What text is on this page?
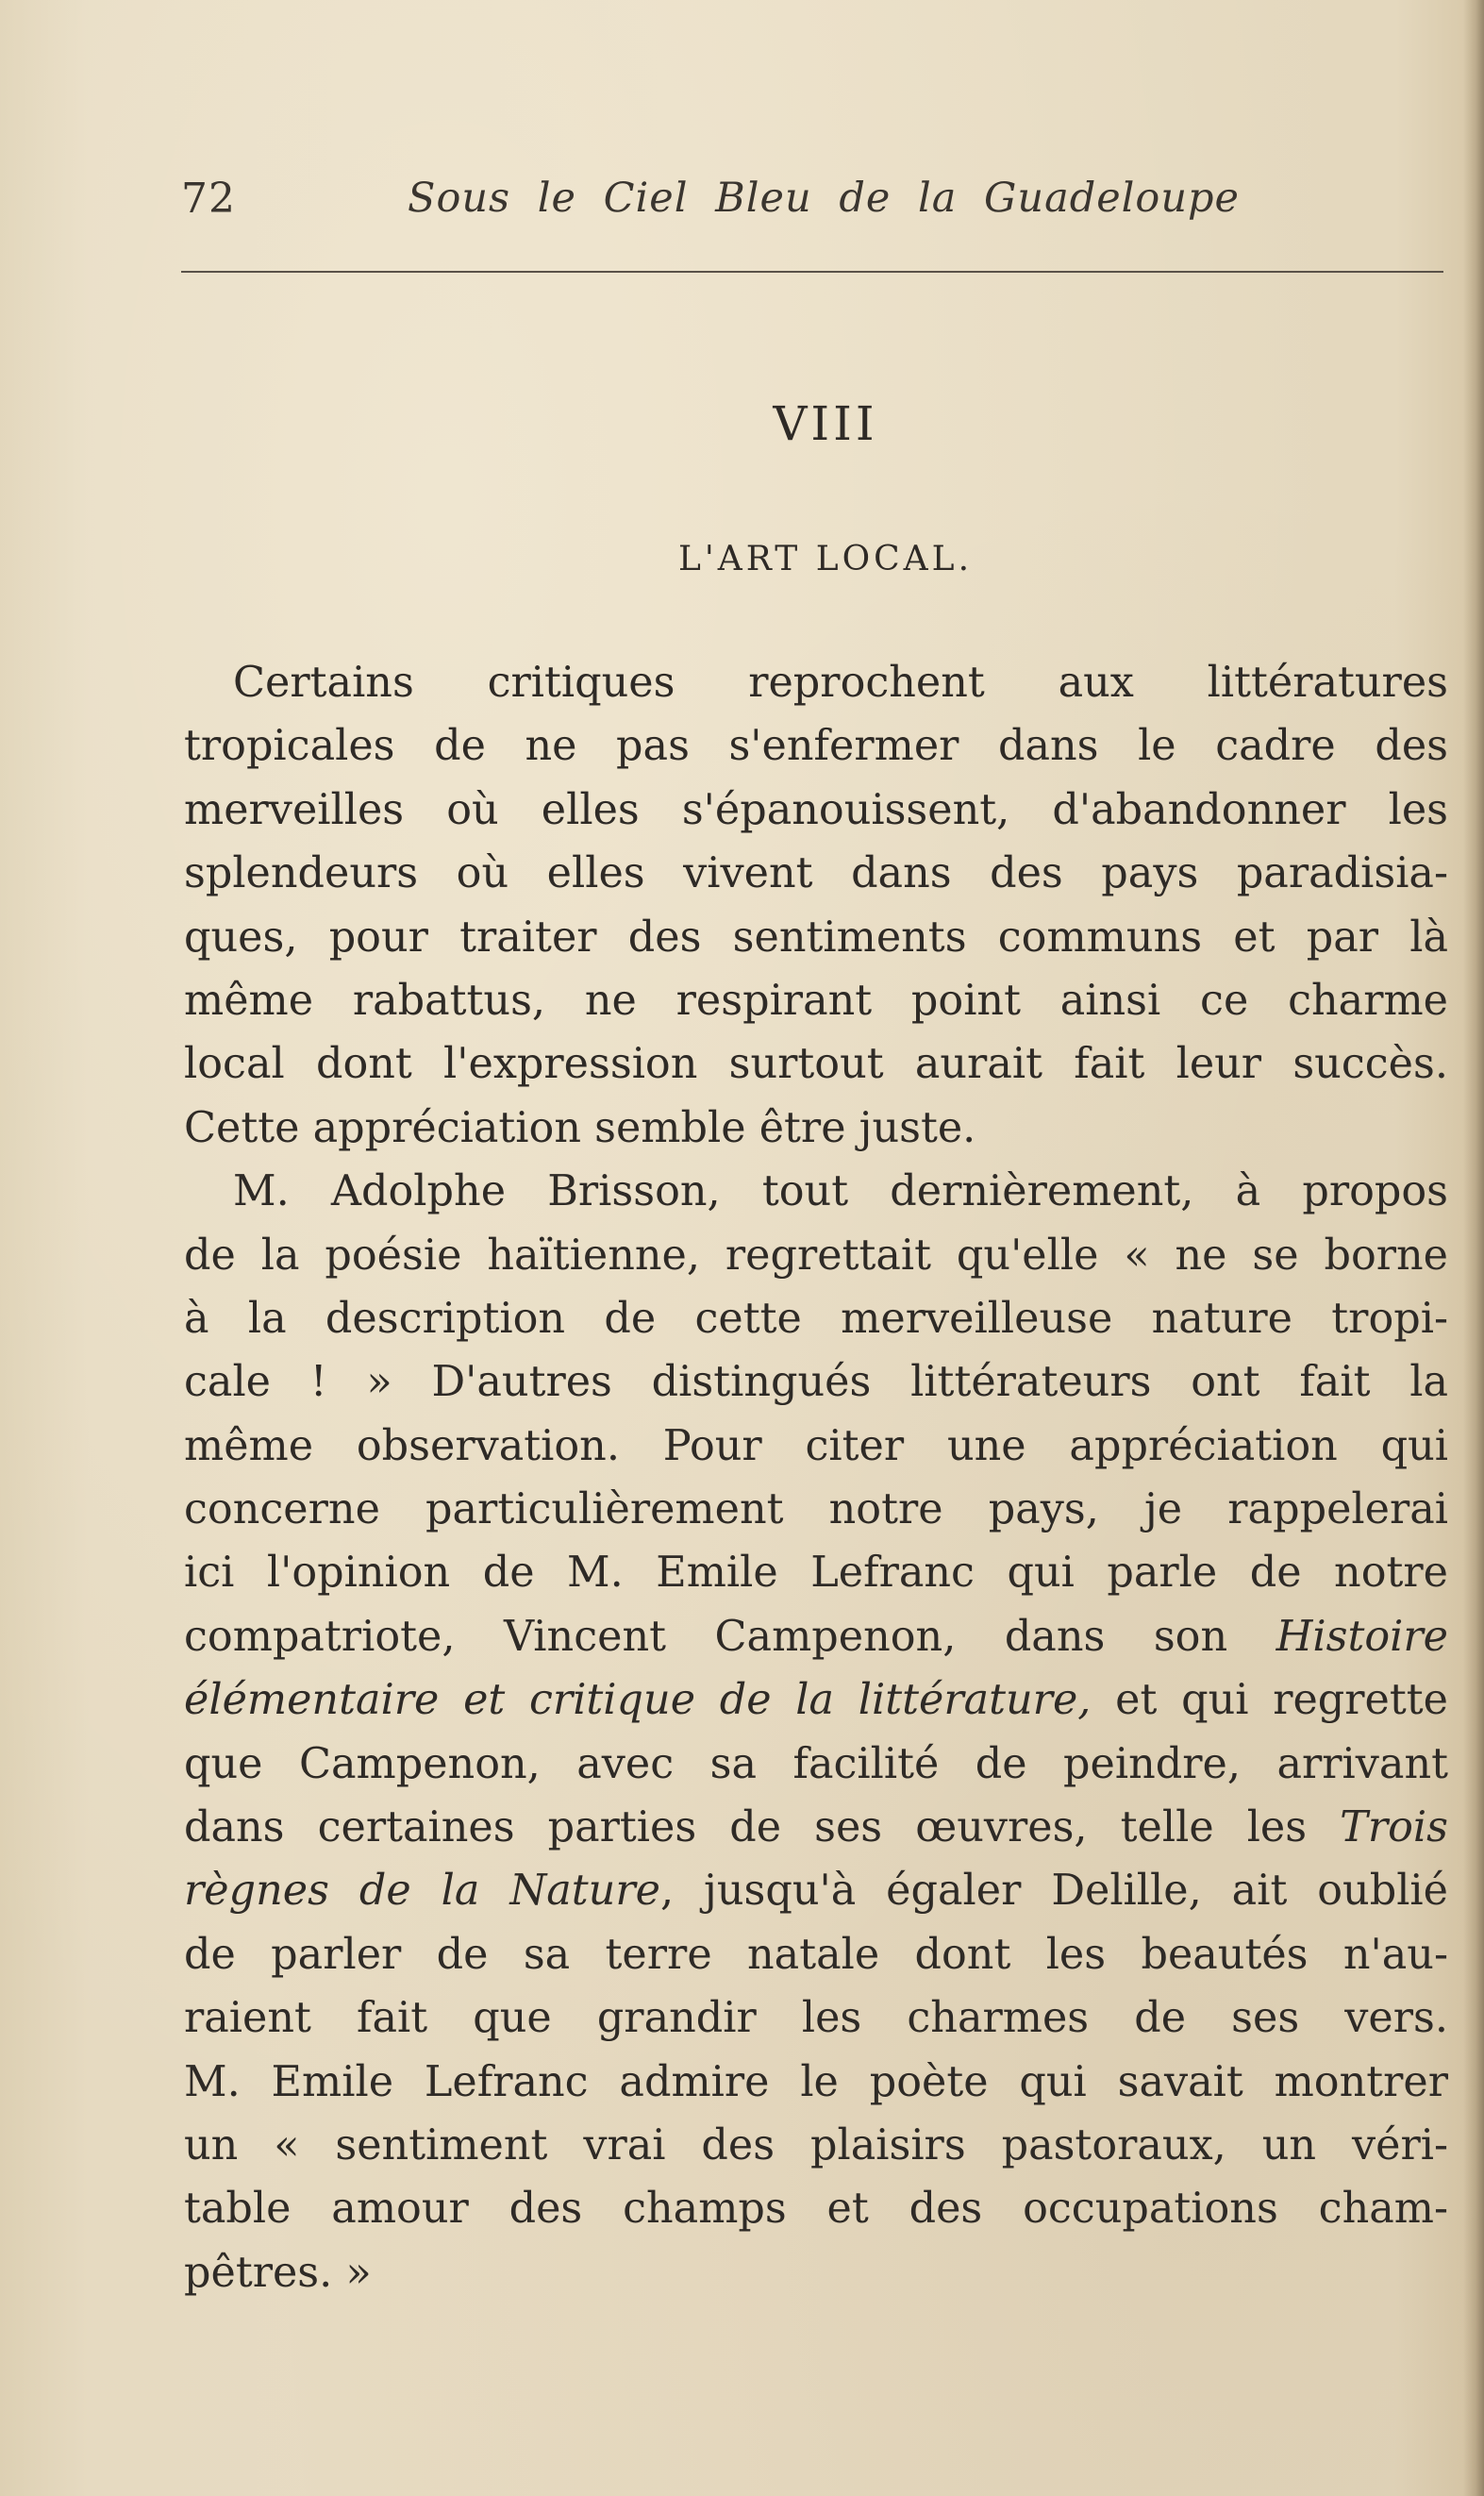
72	Sous le Ciel Bleu de la Guadeloupe
VIII
L'ART LOCAL.
Certains critiques reprochent aux littératures
tropicales de ne pas s'enfermer dans le cadre des
merveilles où elles s'épanouissent, d'abandonner les
splendeurs où elles vivent dans des pays paradisia-
ques, pour traiter des sentiments communs et par là
même rabattus, ne respirant point ainsi ce charme
local dont l'expression surtout aurait fait leur succès.
Cette appréciation semble être juste.
M. Adolphe Brisson, tout dernièrement, à propos
de la poésie haïtienne, regrettait qu'elle « ne se borne
à la description de cette merveilleuse nature tropi-
cale ! » D'autres distingués littérateurs ont fait la
même observation. Pour citer une appréciation qui
concerne particulièrement notre pays, je rappelerai
ici l'opinion de M. Emile Lefranc qui parle de notre
compatriote, Vincent Campenon, dans son Histoire
élémentaire et critique de la littérature, et qui regrette
que Campenon, avec sa facilité de peindre, arrivant
dans certaines parties de ses œuvres, telle les Trois
règnes de la Nature, jusqu'à égaler Delille, ait oublié
de parler de sa terre natale dont les beautés n'au-
raient fait que grandir les charmes de ses vers.
M. Emile Lefranc admire le poète qui savait montrer
un « sentiment vrai des plaisirs pastoraux, un véri-
table amour des champs et des occupations cham-
pêtres. »
